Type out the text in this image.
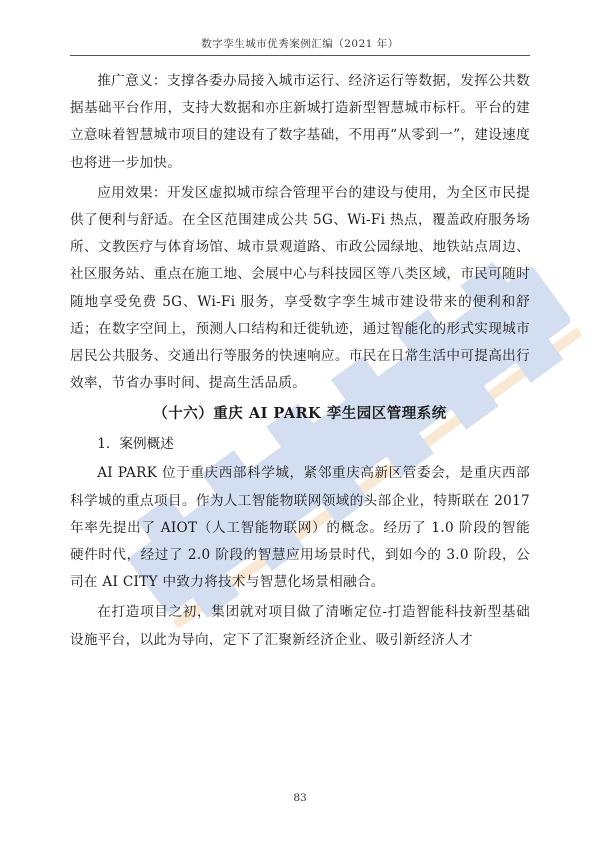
数字孪生城市优秀案例汇编（2021 年）

推广意义：支撑各委办局接入城市运行、经济运行等数据，发挥公共数据基础平台作用，支持大数据和亦庄新城打造新型智慧城市标杆。平台的建立意味着智慧城市项目的建设有了数字基础，不用再“从零到一”，建设速度也将进一步加快。

应用效果：开发区虚拟城市综合管理平台的建设与使用，为全区市民提供了便利与舒适。在全区范围建成公共 5G、Wi-Fi 热点，覆盖政府服务场所、文教医疗与体育场馆、城市景观道路、市政公园绿地、地铁站点周边、社区服务站、重点在施工地、会展中心与科技园区等八类区域，市民可随时随地享受免费 5G、Wi-Fi 服务，享受数字孪生城市建设带来的便利和舒适；在数字空间上，预测人口结构和迁徙轨迹，通过智能化的形式实现城市居民公共服务、交通出行等服务的快速响应。市民在日常生活中可提高出行效率，节省办事时间、提高生活品质。

（十六）重庆 AI PARK 孪生园区管理系统
1．案例概述

AI PARK 位于重庆西部科学城，紧邻重庆高新区管委会，是重庆西部科学城的重点项目。作为人工智能物联网领域的头部企业，特斯联在 2017 年率先提出了 AIOT（人工智能物联网）的概念。经历了 1.0 阶段的智能硬件时代，经过了 2.0 阶段的智慧应用场景时代，到如今的 3.0 阶段，公司在 AI CITY 中致力将技术与智慧化场景相融合。

在打造项目之初，集团就对项目做了清晰定位-打造智能科技新型基础设施平台，以此为导向，定下了汇聚新经济企业、吸引新经济人才

83
